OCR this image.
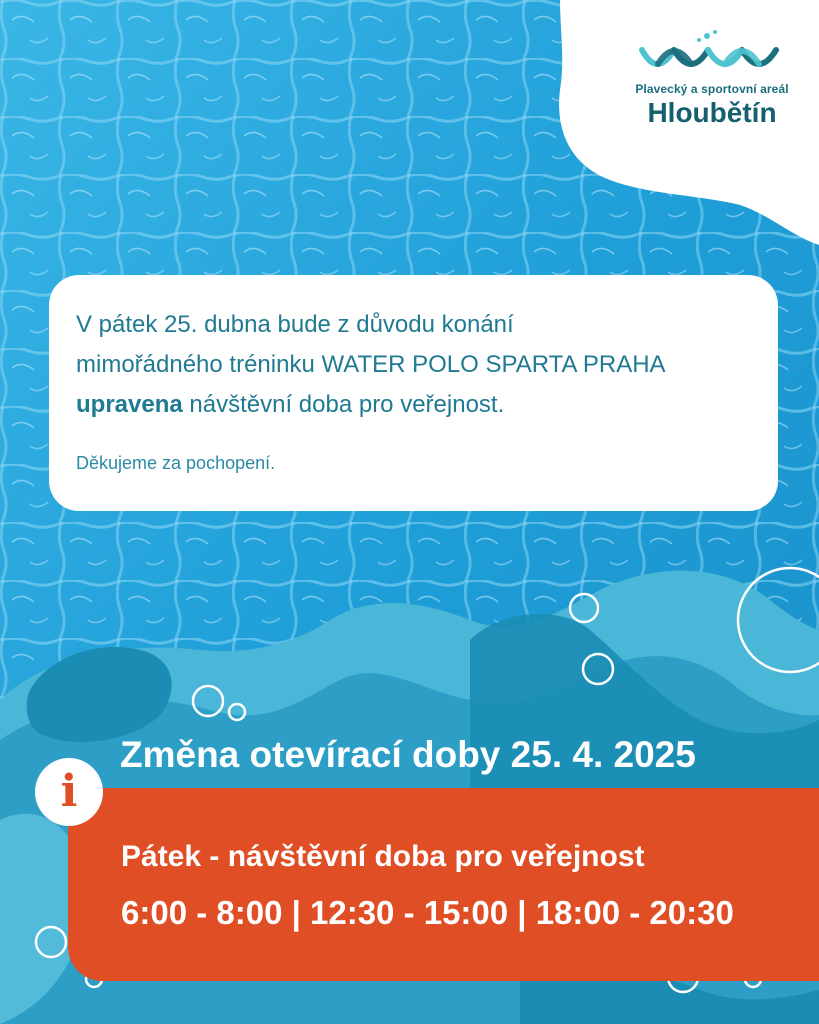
Plavecký a sportovní areál
Hloubětín
V pátek 25. dubna bude z důvodu konání
mimořádného tréninku WATER POLO SPARTA PRAHA
upravena návštěvní doba pro veřejnost.
Děkujeme za pochopení.
Změna otevírací doby 25. 4. 2025
Pátek - návštěvní doba pro veřejnost
6:00 - 8:00 | 12:30 - 15:00 | 18:00 - 20:30
i
